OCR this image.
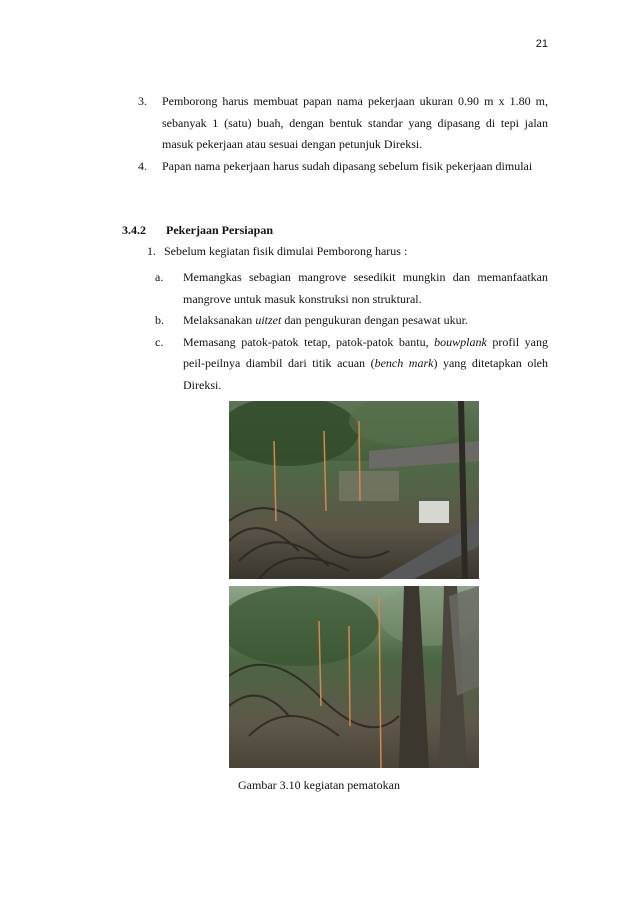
21
3. Pemborong harus membuat papan nama pekerjaan ukuran 0.90 m x 1.80 m, sebanyak 1 (satu) buah, dengan bentuk standar yang dipasang di tepi jalan masuk pekerjaan atau sesuai dengan petunjuk Direksi.
4. Papan nama pekerjaan harus sudah dipasang sebelum fisik pekerjaan dimulai
3.4.2 Pekerjaan Persiapan
1. Sebelum kegiatan fisik dimulai Pemborong harus :
a. Memangkas sebagian mangrove sesedikit mungkin dan memanfaatkan mangrove untuk masuk konstruksi non struktural.
b. Melaksanakan uitzet dan pengukuran dengan pesawat ukur.
c. Memasang patok-patok tetap, patok-patok bantu, bouwplank profil yang peil-peilnya diambil dari titik acuan (bench mark) yang ditetapkan oleh Direksi.
Gambar 3.10 kegiatan pematokan
